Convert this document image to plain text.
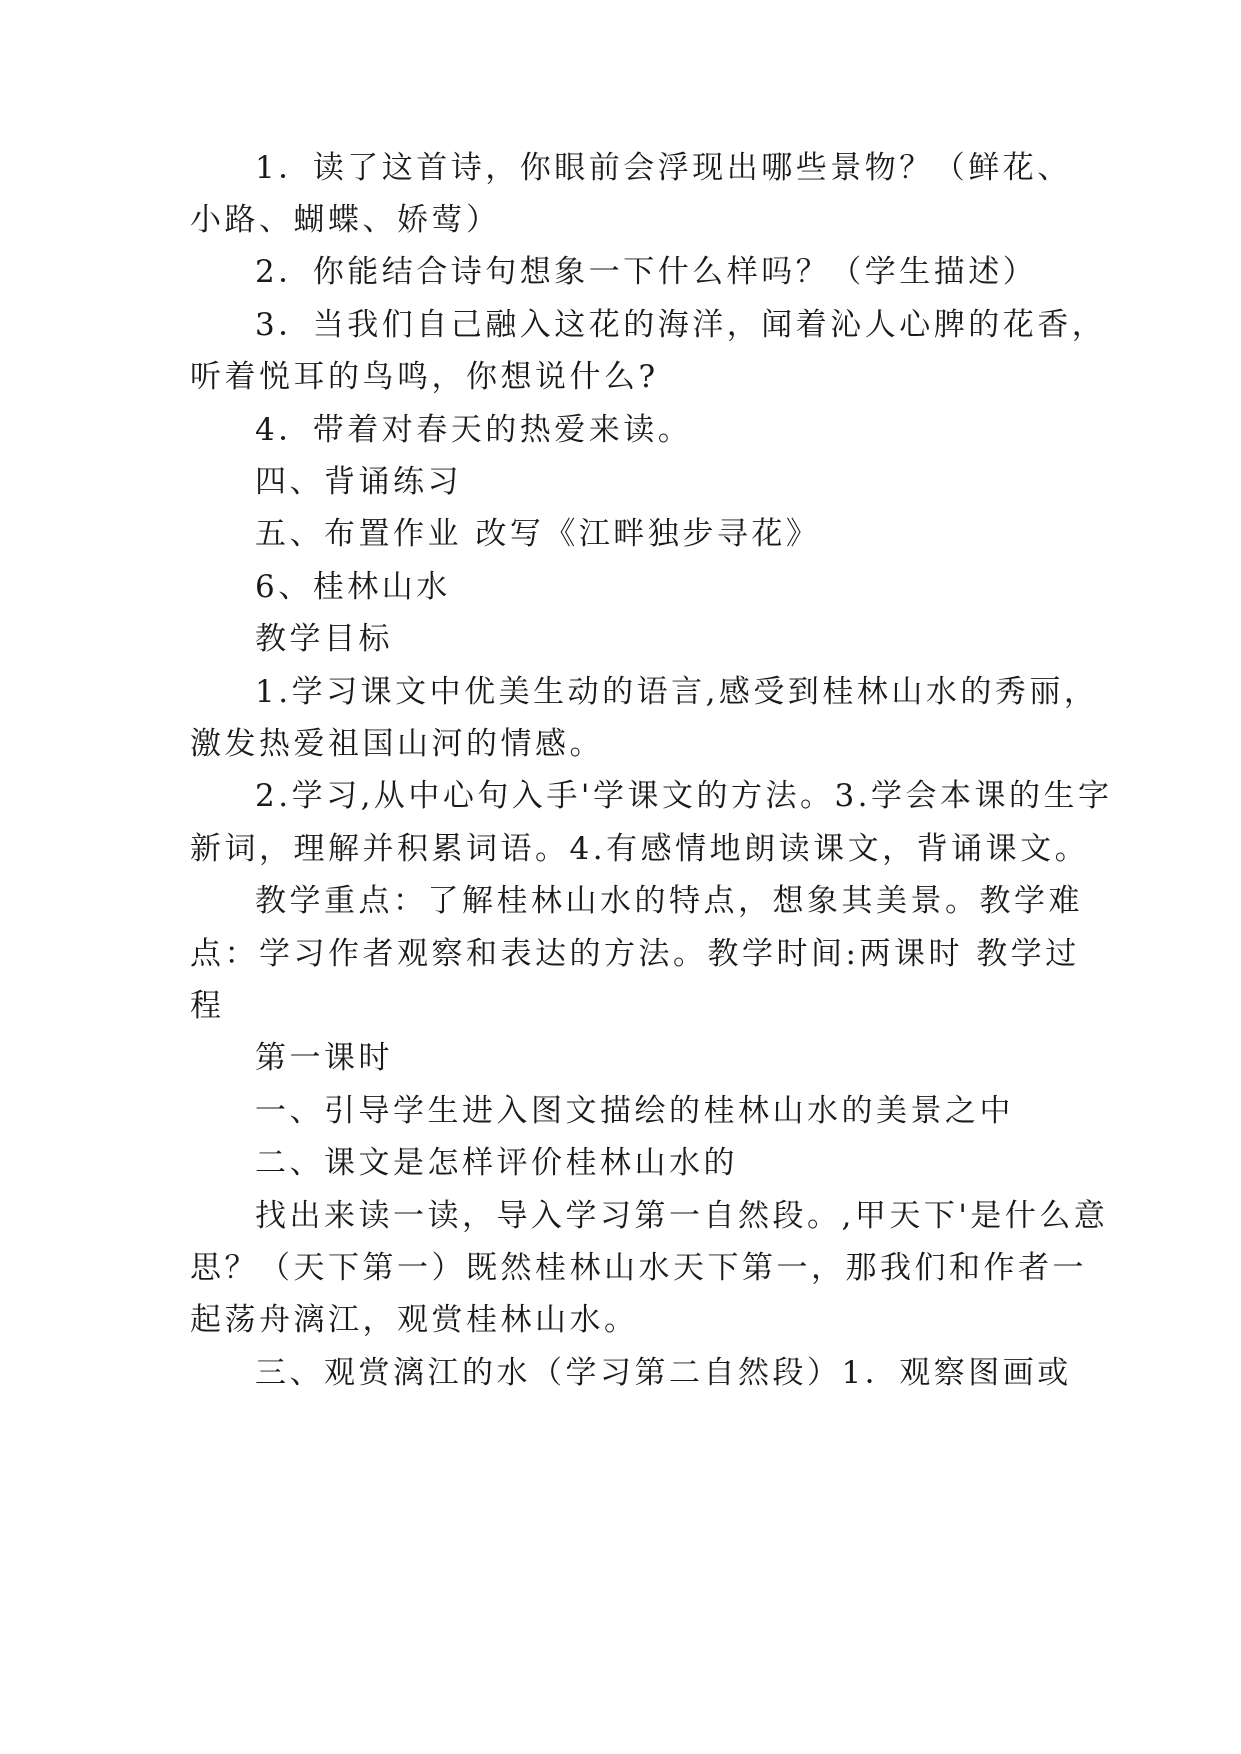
1．读了这首诗，你眼前会浮现出哪些景物？（鲜花、
小路、蝴蝶、娇莺）
2．你能结合诗句想象一下什么样吗？（学生描述）
3．当我们自己融入这花的海洋，闻着沁人心脾的花香，
听着悦耳的鸟鸣，你想说什么?
4．带着对春天的热爱来读。
四、背诵练习
五、布置作业 改写《江畔独步寻花》
6、桂林山水
教学目标
1.学习课文中优美生动的语言,感受到桂林山水的秀丽，
激发热爱祖国山河的情感。
2.学习,从中心句入手'学课文的方法。3.学会本课的生字
新词，理解并积累词语。4.有感情地朗读课文，背诵课文。
教学重点：了解桂林山水的特点，想象其美景。教学难
点：学习作者观察和表达的方法。教学时间:两课时 教学过
程
第一课时
一、引导学生进入图文描绘的桂林山水的美景之中
二、课文是怎样评价桂林山水的
找出来读一读，导入学习第一自然段。,甲天下'是什么意
思？（天下第一）既然桂林山水天下第一，那我们和作者一
起荡舟漓江，观赏桂林山水。
三、观赏漓江的水（学习第二自然段）1．观察图画或
